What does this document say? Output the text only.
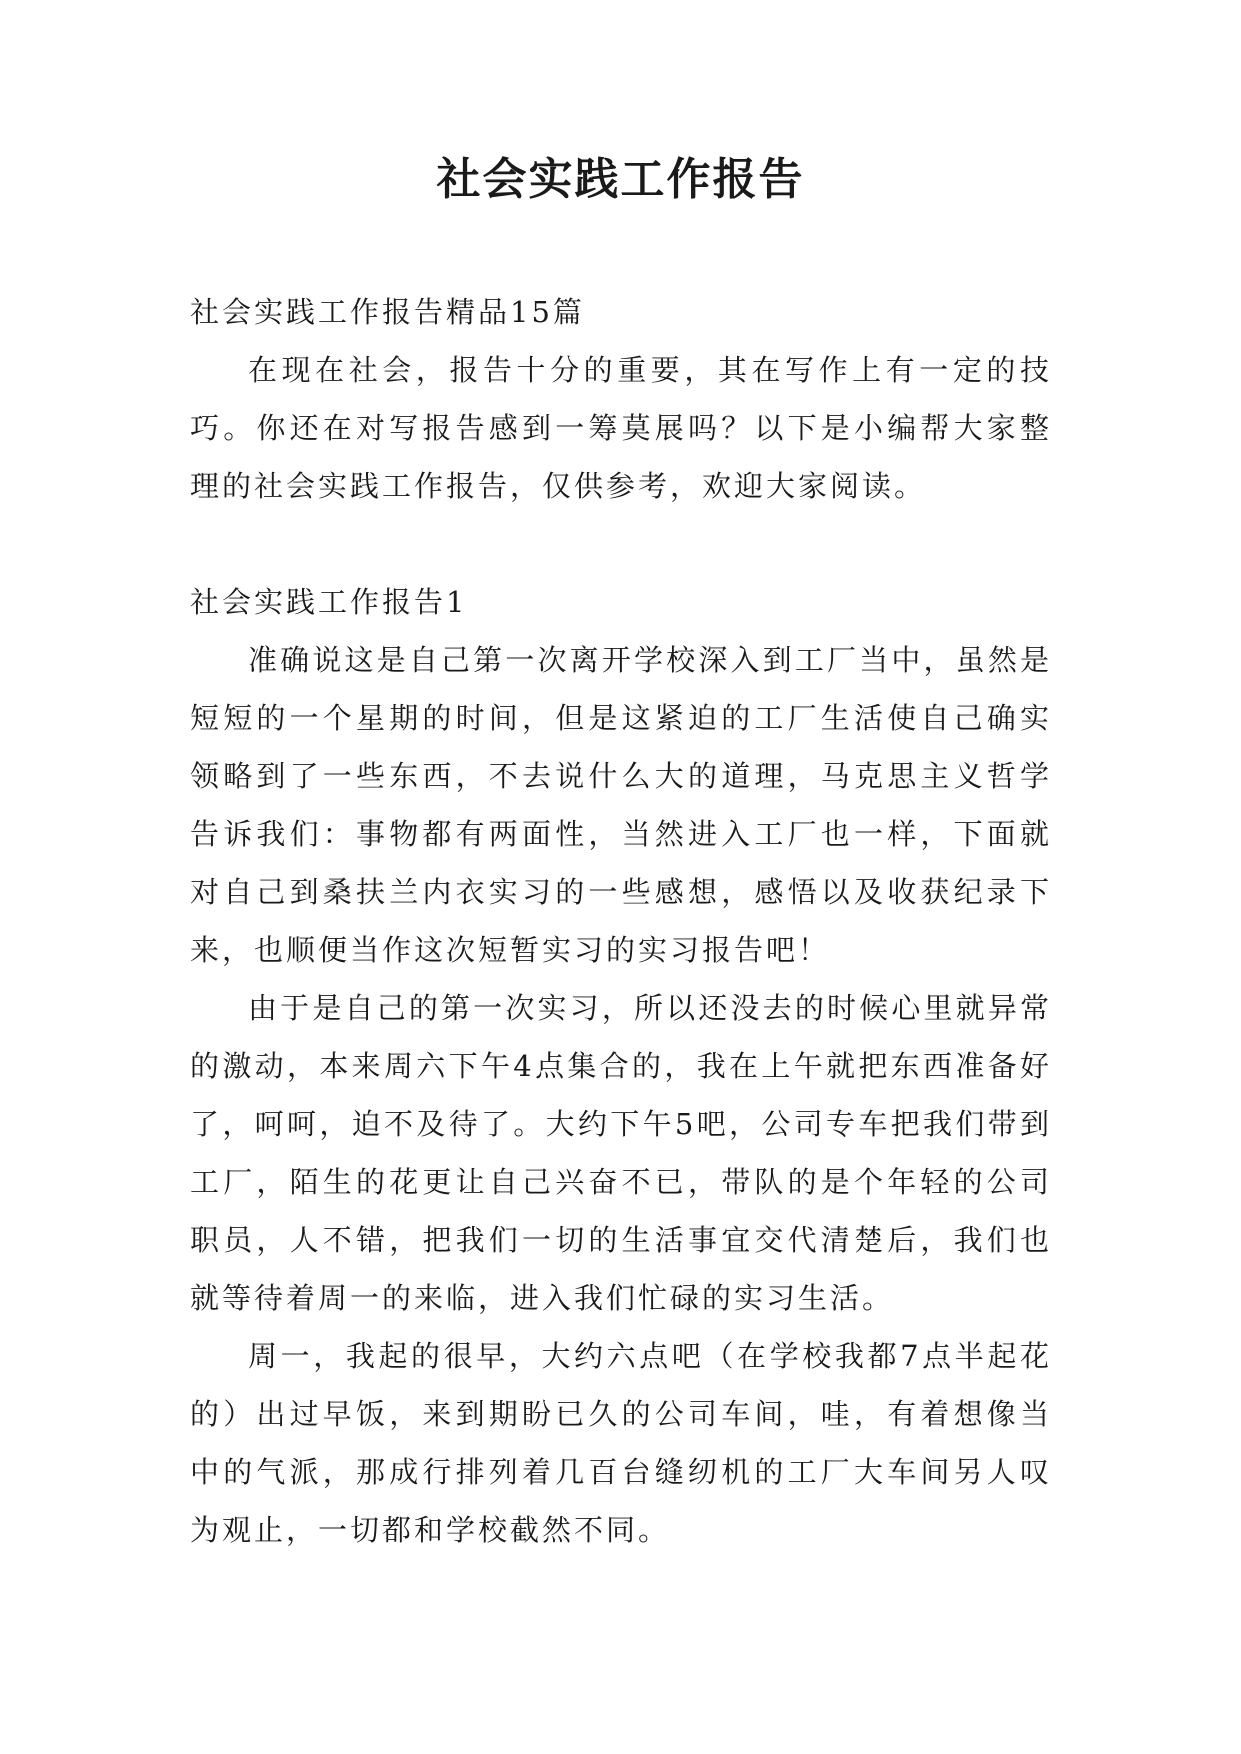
社会实践工作报告

社会实践工作报告精品15篇

在现在社会，报告十分的重要，其在写作上有一定的技巧。你还在对写报告感到一筹莫展吗？以下是小编帮大家整理的社会实践工作报告，仅供参考，欢迎大家阅读。

社会实践工作报告1

准确说这是自己第一次离开学校深入到工厂当中，虽然是短短的一个星期的时间，但是这紧迫的工厂生活使自己确实领略到了一些东西，不去说什么大的道理，马克思主义哲学告诉我们：事物都有两面性，当然进入工厂也一样，下面就对自己到桑扶兰内衣实习的一些感想，感悟以及收获纪录下来，也顺便当作这次短暂实习的实习报告吧！

由于是自己的第一次实习，所以还没去的时候心里就异常的激动，本来周六下午4点集合的，我在上午就把东西准备好了，呵呵，迫不及待了。大约下午5吧，公司专车把我们带到工厂，陌生的花更让自己兴奋不已，带队的是个年轻的公司职员，人不错，把我们一切的生活事宜交代清楚后，我们也就等待着周一的来临，进入我们忙碌的实习生活。

周一，我起的很早，大约六点吧（在学校我都7点半起花的）出过早饭，来到期盼已久的公司车间，哇，有着想像当中的气派，那成行排列着几百台缝纫机的工厂大车间另人叹为观止，一切都和学校截然不同。
